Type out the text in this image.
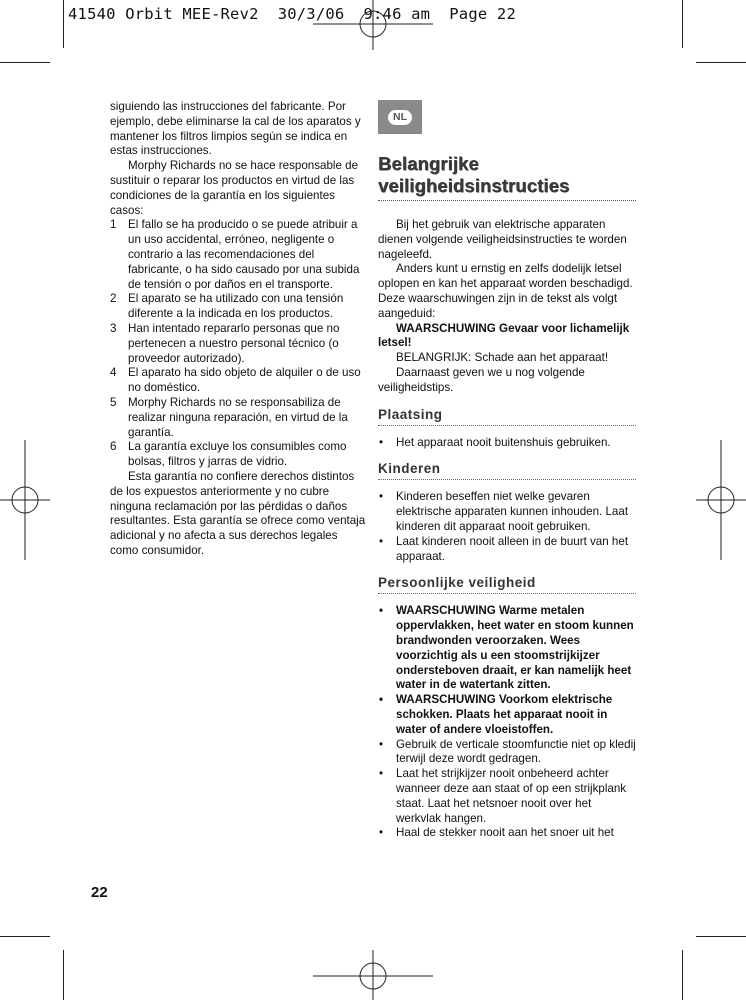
41540 Orbit MEE-Rev2  30/3/06  9:46 am  Page 22

siguiendo las instrucciones del fabricante. Por ejemplo, debe eliminarse la cal de los aparatos y mantener los filtros limpios según se indica en estas instrucciones.

Morphy Richards no se hace responsable de sustituir o reparar los productos en virtud de las condiciones de la garantía en los siguientes casos:

1 El fallo se ha producido o se puede atribuir a un uso accidental, erróneo, negligente o contrario a las recomendaciones del fabricante, o ha sido causado por una subida de tensión o por daños en el transporte.
2 El aparato se ha utilizado con una tensión diferente a la indicada en los productos.
3 Han intentado repararlo personas que no pertenecen a nuestro personal técnico (o proveedor autorizado).
4 El aparato ha sido objeto de alquiler o de uso no doméstico.
5 Morphy Richards no se responsabiliza de realizar ninguna reparación, en virtud de la garantía.
6 La garantía excluye los consumibles como bolsas, filtros y jarras de vidrio.

Esta garantía no confiere derechos distintos de los expuestos anteriormente y no cubre ninguna reclamación por las pérdidas o daños resultantes. Esta garantía se ofrece como ventaja adicional y no afecta a sus derechos legales como consumidor.

NL
Belangrijke
veiligheidsinstructies

Bij het gebruik van elektrische apparaten dienen volgende veiligheidsinstructies te worden nageleefd.

Anders kunt u ernstig en zelfs dodelijk letsel oplopen en kan het apparaat worden beschadigd. Deze waarschuwingen zijn in de tekst als volgt aangeduid:

WAARSCHUWING Gevaar voor lichamelijk letsel!

BELANGRIJK: Schade aan het apparaat!

Daarnaast geven we u nog volgende veiligheidstips.

Plaatsing
• Het apparaat nooit buitenshuis gebruiken.
Kinderen
• Kinderen beseffen niet welke gevaren elektrische apparaten kunnen inhouden. Laat kinderen dit apparaat nooit gebruiken.
• Laat kinderen nooit alleen in de buurt van het apparaat.
Persoonlijke veiligheid
• WAARSCHUWING Warme metalen oppervlakken, heet water en stoom kunnen brandwonden veroorzaken. Wees voorzichtig als u een stoomstrijkijzer ondersteboven draait, er kan namelijk heet water in de watertank zitten.
• WAARSCHUWING Voorkom elektrische schokken. Plaats het apparaat nooit in water of andere vloeistoffen.
• Gebruik de verticale stoomfunctie niet op kledij terwijl deze wordt gedragen.
• Laat het strijkijzer nooit onbeheerd achter wanneer deze aan staat of op een strijkplank staat. Laat het netsnoer nooit over het werkvlak hangen.
• Haal de stekker nooit aan het snoer uit het
22
